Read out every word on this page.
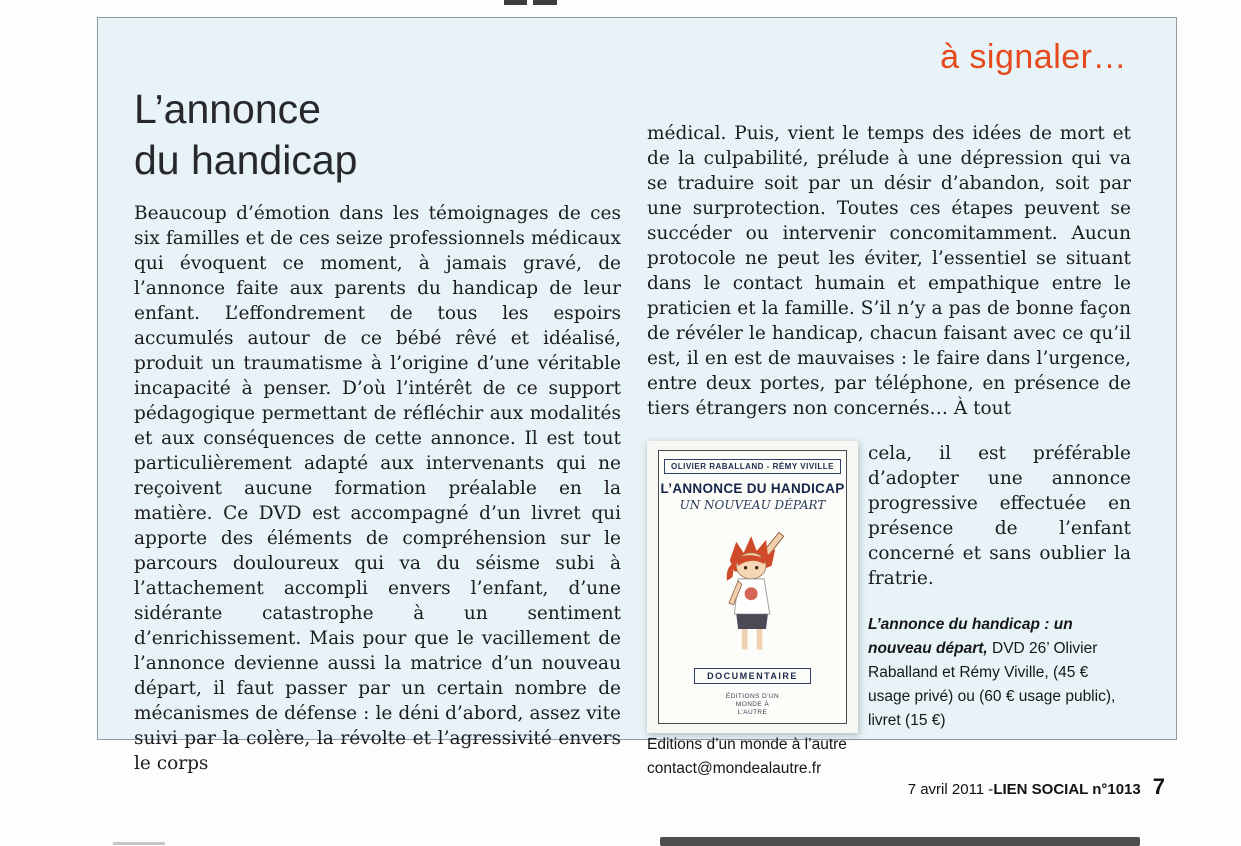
à signaler…
L’annonce
du handicap

Beaucoup d’émotion dans les témoignages de ces six familles et de ces seize professionnels médicaux qui évoquent ce moment, à jamais gravé, de l’annonce faite aux parents du handicap de leur enfant. L’effondrement de tous les espoirs accumulés autour de ce bébé rêvé et idéalisé, produit un traumatisme à l’origine d’une véritable incapacité à penser. D’où l’intérêt de ce support pédagogique permettant de réfléchir aux modalités et aux conséquences de cette annonce. Il est tout particulièrement adapté aux intervenants qui ne reçoivent aucune formation préalable en la matière. Ce DVD est accompagné d’un livret qui apporte des éléments de compréhension sur le parcours douloureux qui va du séisme subi à l’attachement accompli envers l’enfant, d’une sidérante catastrophe à un sentiment d’enrichissement. Mais pour que le vacillement de l’annonce devienne aussi la matrice d’un nouveau départ, il faut passer par un certain nombre de mécanismes de défense : le déni d’abord, assez vite suivi par la colère, la révolte et l’agressivité envers le corps

médical. Puis, vient le temps des idées de mort et de la culpabilité, prélude à une dépression qui va se traduire soit par un désir d’abandon, soit par une surprotection. Toutes ces étapes peuvent se succéder ou intervenir concomitamment. Aucun protocole ne peut les éviter, l’essentiel se situant dans le contact humain et empathique entre le praticien et la famille. S’il n’y a pas de bonne façon de révéler le handicap, chacun faisant avec ce qu’il est, il en est de mauvaises : le faire dans l’urgence, entre deux portes, par téléphone, en présence de tiers étrangers non concernés… À tout

OLIVIER RABALLAND - RÉMY VIVILLE
L’ANNONCE DU HANDICAP
UN NOUVEAU DÉPART
DOCUMENTAIRE
ÉDITIONS D’UN MONDE À L’AUTRE

cela, il est préférable d’adopter une annonce progressive effectuée en présence de l’enfant concerné et sans oublier la fratrie.

L’annonce du handicap : un nouveau départ, DVD 26’ Olivier Raballand et Rémy Viville, (45 € usage privé) ou (60 € usage public), livret (15 €)

Editions d’un monde à l’autre

contact@mondealautre.fr

7 avril 2011 - LIEN SOCIAL n°1013 7
